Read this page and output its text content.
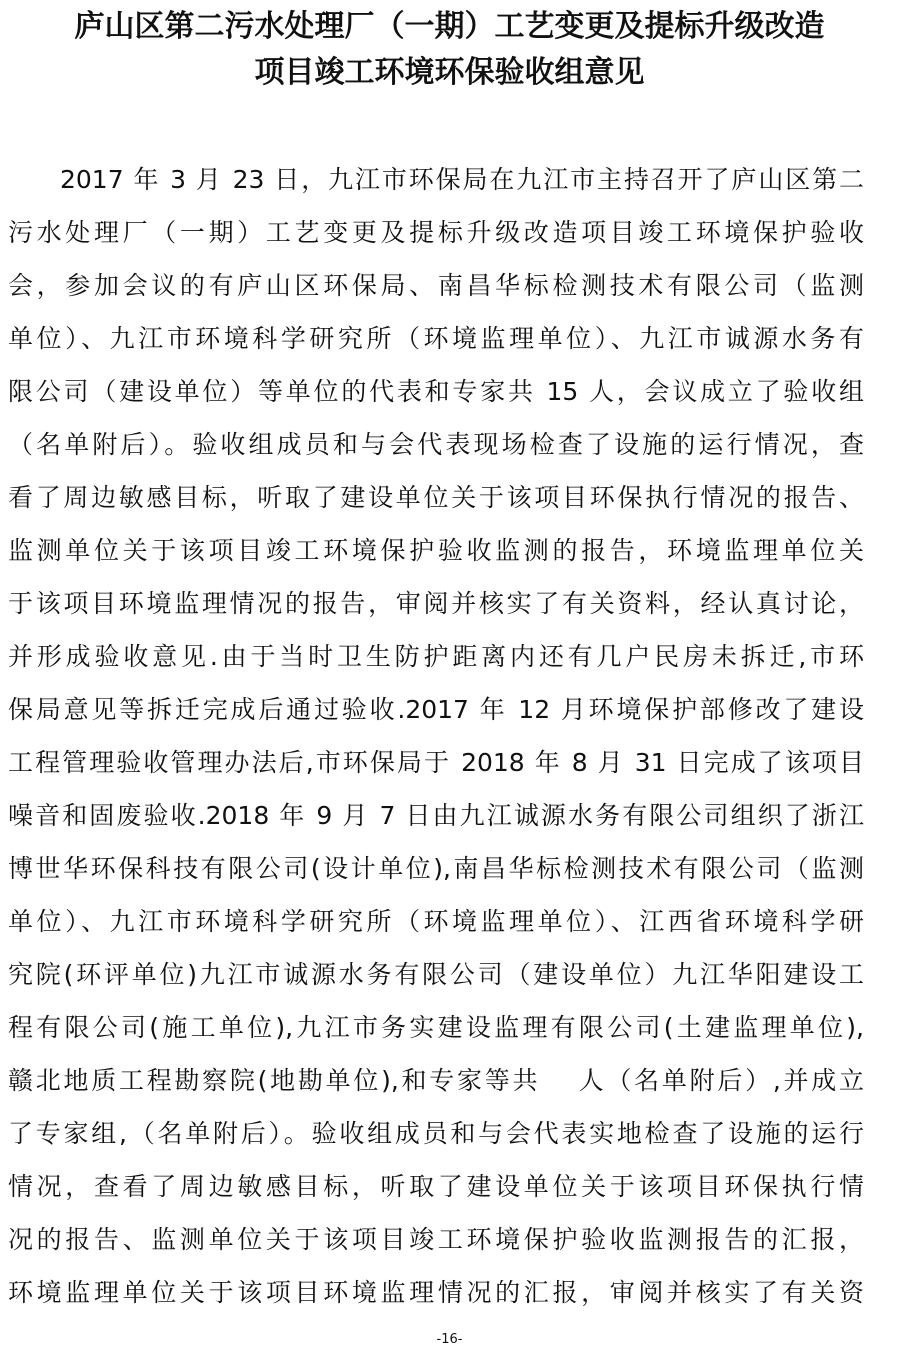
庐山区第二污水处理厂（一期）工艺变更及提标升级改造
项目竣工环境环保验收组意见
2017 年 3 月 23 日，九江市环保局在九江市主持召开了庐山区第二
污水处理厂（一期）工艺变更及提标升级改造项目竣工环境保护验收
会，参加会议的有庐山区环保局、南昌华标检测技术有限公司（监测
单位）、九江市环境科学研究所（环境监理单位）、九江市诚源水务有
限公司（建设单位）等单位的代表和专家共 15 人，会议成立了验收组
（名单附后）。验收组成员和与会代表现场检查了设施的运行情况，查
看了周边敏感目标，听取了建设单位关于该项目环保执行情况的报告、
监测单位关于该项目竣工环境保护验收监测的报告，环境监理单位关
于该项目环境监理情况的报告，审阅并核实了有关资料，经认真讨论，
并形成验收意见.由于当时卫生防护距离内还有几户民房未拆迁,市环
保局意见等拆迁完成后通过验收.2017 年 12 月环境保护部修改了建设
工程管理验收管理办法后,市环保局于 2018 年 8 月 31 日完成了该项目
噪音和固废验收.2018 年 9 月 7 日由九江诚源水务有限公司组织了浙江
博世华环保科技有限公司(设计单位),南昌华标检测技术有限公司（监测
单位）、九江市环境科学研究所（环境监理单位）、江西省环境科学研
究院(环评单位)九江市诚源水务有限公司（建设单位）九江华阳建设工
程有限公司(施工单位),九江市务实建设监理有限公司(土建监理单位),
赣北地质工程勘察院(地勘单位),和专家等共　 人（名单附后）,并成立
了专家组,（名单附后）。验收组成员和与会代表实地检查了设施的运行
情况，查看了周边敏感目标，听取了建设单位关于该项目环保执行情
况的报告、监测单位关于该项目竣工环境保护验收监测报告的汇报，
环境监理单位关于该项目环境监理情况的汇报，审阅并核实了有关资
-16-
